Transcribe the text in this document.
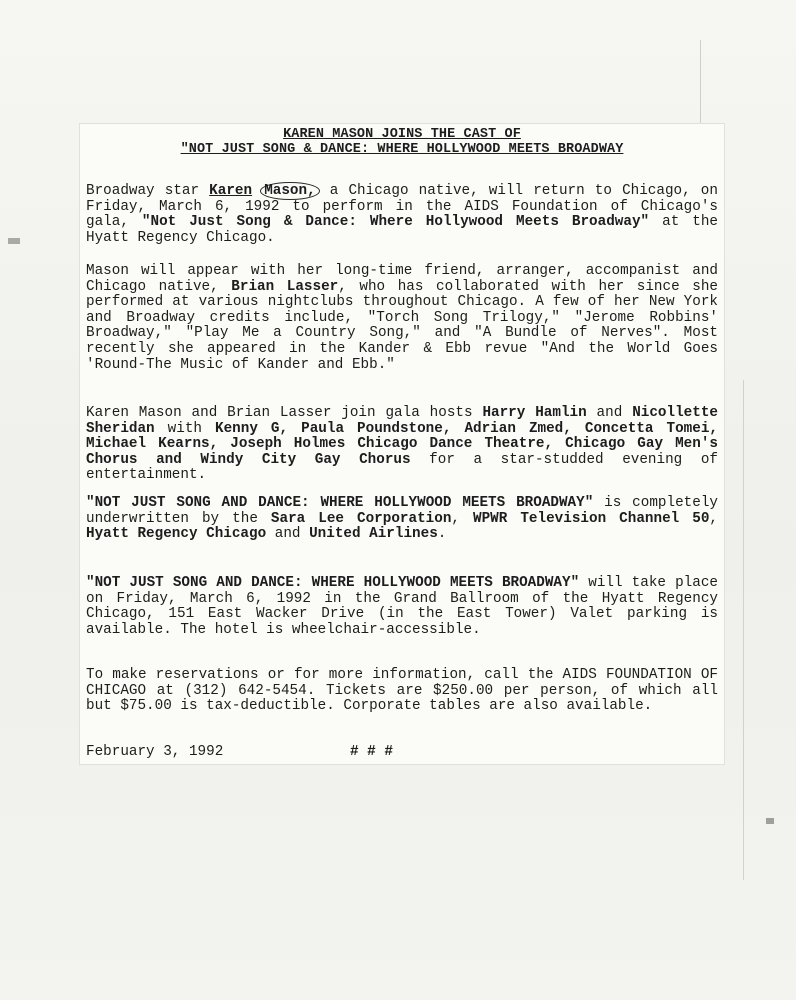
KAREN MASON JOINS THE CAST OF
"NOT JUST SONG & DANCE: WHERE HOLLYWOOD MEETS BROADWAY
Broadway star Karen Mason, a Chicago native, will return to Chicago, on Friday, March 6, 1992 to perform in the AIDS Foundation of Chicago's gala, "Not Just Song & Dance: Where Hollywood Meets Broadway" at the Hyatt Regency Chicago.
Mason will appear with her long-time friend, arranger, accompanist and Chicago native, Brian Lasser, who has collaborated with her since she performed at various nightclubs throughout Chicago. A few of her New York and Broadway credits include, "Torch Song Trilogy," "Jerome Robbins' Broadway," "Play Me a Country Song," and "A Bundle of Nerves". Most recently she appeared in the Kander & Ebb revue "And the World Goes 'Round-The Music of Kander and Ebb."
Karen Mason and Brian Lasser join gala hosts Harry Hamlin and Nicollette Sheridan with Kenny G, Paula Poundstone, Adrian Zmed, Concetta Tomei, Michael Kearns, Joseph Holmes Chicago Dance Theatre, Chicago Gay Men's Chorus and Windy City Gay Chorus for a star-studded evening of entertainment.
"NOT JUST SONG AND DANCE: WHERE HOLLYWOOD MEETS BROADWAY" is completely underwritten by the Sara Lee Corporation, WPWR Television Channel 50, Hyatt Regency Chicago and United Airlines.
"NOT JUST SONG AND DANCE: WHERE HOLLYWOOD MEETS BROADWAY" will take place on Friday, March 6, 1992 in the Grand Ballroom of the Hyatt Regency Chicago, 151 East Wacker Drive (in the East Tower) Valet parking is available. The hotel is wheelchair-accessible.
To make reservations or for more information, call the AIDS FOUNDATION OF CHICAGO at (312) 642-5454. Tickets are $250.00 per person, of which all but $75.00 is tax-deductible. Corporate tables are also available.
February 3, 1992	# # #
